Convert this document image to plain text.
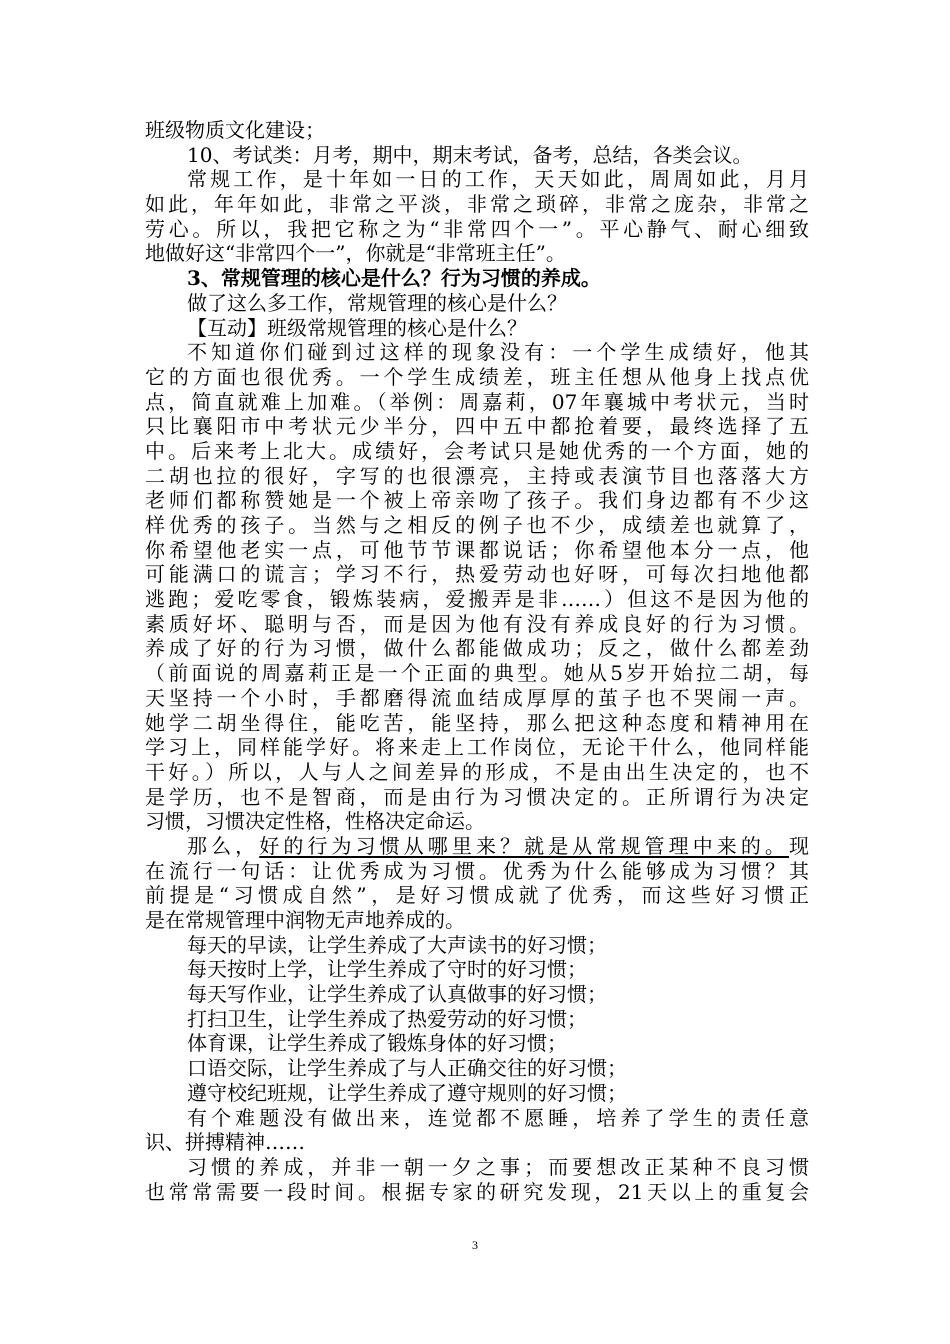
班级物质文化建设；
10、考试类：月考，期中，期末考试，备考，总结，各类会议。
常规工作，是十年如一日的工作，天天如此，周周如此，月月
如此，年年如此，非常之平淡，非常之琐碎，非常之庞杂，非常之
劳心。所以，我把它称之为“非常四个一”。平心静气、耐心细致
地做好这“非常四个一”，你就是“非常班主任”。
3、常规管理的核心是什么？行为习惯的养成。
做了这么多工作，常规管理的核心是什么？
【互动】班级常规管理的核心是什么？
不知道你们碰到过这样的现象没有：一个学生成绩好，他其
它的方面也很优秀。一个学生成绩差，班主任想从他身上找点优
点，简直就难上加难。（举例：周嘉莉，07年襄城中考状元，当时
只比襄阳市中考状元少半分，四中五中都抢着要，最终选择了五
中。后来考上北大。成绩好，会考试只是她优秀的一个方面，她的
二胡也拉的很好，字写的也很漂亮，主持或表演节目也落落大方
老师们都称赞她是一个被上帝亲吻了孩子。我们身边都有不少这
样优秀的孩子。当然与之相反的例子也不少，成绩差也就算了，
你希望他老实一点，可他节节课都说话；你希望他本分一点，他
可能满口的谎言；学习不行，热爱劳动也好呀，可每次扫地他都
逃跑；爱吃零食，锻炼装病，爱搬弄是非……）但这不是因为他的
素质好坏、聪明与否，而是因为他有没有养成良好的行为习惯。
养成了好的行为习惯，做什么都能做成功；反之，做什么都差劲
（前面说的周嘉莉正是一个正面的典型。她从5岁开始拉二胡，每
天坚持一个小时，手都磨得流血结成厚厚的茧子也不哭闹一声。
她学二胡坐得住，能吃苦，能坚持，那么把这种态度和精神用在
学习上，同样能学好。将来走上工作岗位，无论干什么，他同样能
干好。）所以，人与人之间差异的形成，不是由出生决定的，也不
是学历，也不是智商，而是由行为习惯决定的。正所谓行为决定
习惯，习惯决定性格，性格决定命运。
那么，好的行为习惯从哪里来？就是从常规管理中来的。现
在流行一句话：让优秀成为习惯。优秀为什么能够成为习惯？其
前提是“习惯成自然”，是好习惯成就了优秀，而这些好习惯正
是在常规管理中润物无声地养成的。
每天的早读，让学生养成了大声读书的好习惯；
每天按时上学，让学生养成了守时的好习惯；
每天写作业，让学生养成了认真做事的好习惯；
打扫卫生，让学生养成了热爱劳动的好习惯；
体育课，让学生养成了锻炼身体的好习惯；
口语交际，让学生养成了与人正确交往的好习惯；
遵守校纪班规，让学生养成了遵守规则的好习惯；
有个难题没有做出来，连觉都不愿睡，培养了学生的责任意
识、拼搏精神……
习惯的养成，并非一朝一夕之事；而要想改正某种不良习惯
也常常需要一段时间。根据专家的研究发现，21天以上的重复会
3
